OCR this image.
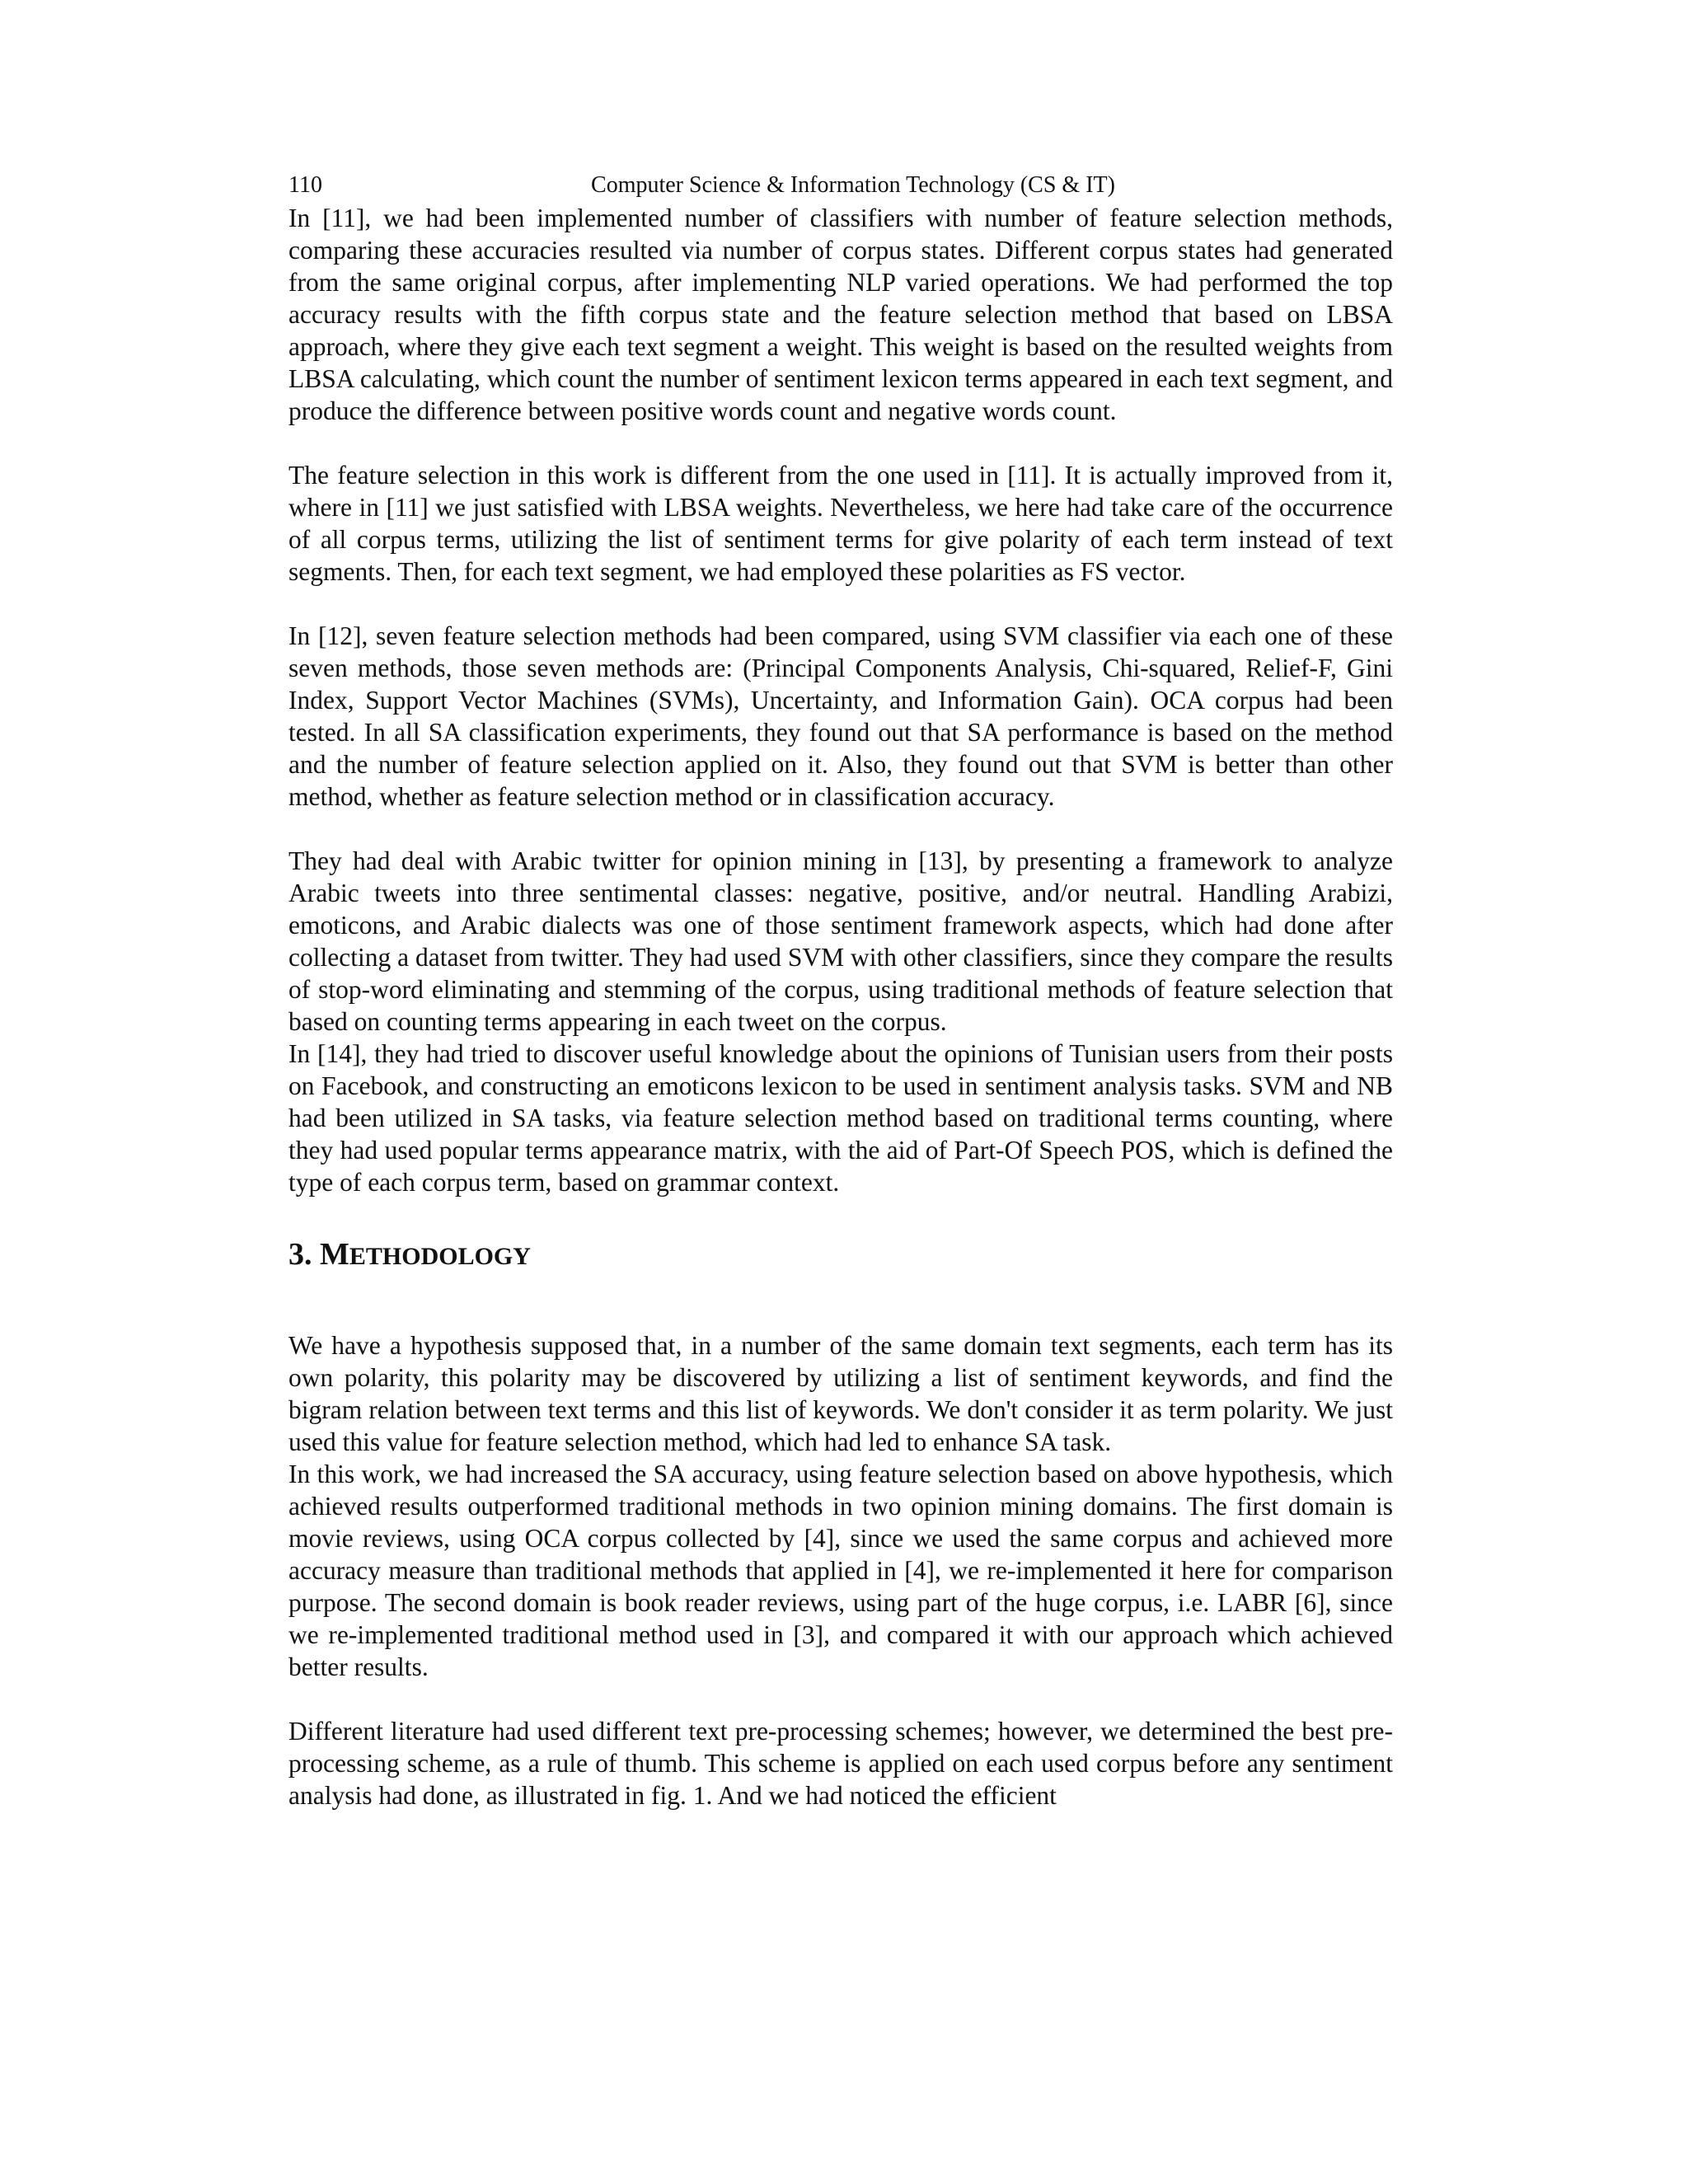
110	Computer Science & Information Technology (CS & IT)

In [11], we had been implemented number of classifiers with number of feature selection methods, comparing these accuracies resulted via number of corpus states. Different corpus states had generated from the same original corpus, after implementing NLP varied operations. We had performed the top accuracy results with the fifth corpus state and the feature selection method that based on LBSA approach, where they give each text segment a weight. This weight is based on the resulted weights from LBSA calculating, which count the number of sentiment lexicon terms appeared in each text segment, and produce the difference between positive words count and negative words count.

The feature selection in this work is different from the one used in [11]. It is actually improved from it, where in [11] we just satisfied with LBSA weights. Nevertheless, we here had take care of the occurrence of all corpus terms, utilizing the list of sentiment terms for give polarity of each term instead of text segments. Then, for each text segment, we had employed these polarities as FS vector.

In [12], seven feature selection methods had been compared, using SVM classifier via each one of these seven methods, those seven methods are: (Principal Components Analysis, Chi-squared, Relief-F, Gini Index, Support Vector Machines (SVMs), Uncertainty, and Information Gain). OCA corpus had been tested. In all SA classification experiments, they found out that SA performance is based on the method and the number of feature selection applied on it. Also, they found out that SVM is better than other method, whether as feature selection method or in classification accuracy.

They had deal with Arabic twitter for opinion mining in [13], by presenting a framework to analyze Arabic tweets into three sentimental classes: negative, positive, and/or neutral. Handling Arabizi, emoticons, and Arabic dialects was one of those sentiment framework aspects, which had done after collecting a dataset from twitter. They had used SVM with other classifiers, since they compare the results of stop-word eliminating and stemming of the corpus, using traditional methods of feature selection that based on counting terms appearing in each tweet on the corpus.

In [14], they had tried to discover useful knowledge about the opinions of Tunisian users from their posts on Facebook, and constructing an emoticons lexicon to be used in sentiment analysis tasks. SVM and NB had been utilized in SA tasks, via feature selection method based on traditional terms counting, where they had used popular terms appearance matrix, with the aid of Part-Of Speech POS, which is defined the type of each corpus term, based on grammar context.

3. METHODOLOGY

We have a hypothesis supposed that, in a number of the same domain text segments, each term has its own polarity, this polarity may be discovered by utilizing a list of sentiment keywords, and find the bigram relation between text terms and this list of keywords. We don't consider it as term polarity. We just used this value for feature selection method, which had led to enhance SA task.

In this work, we had increased the SA accuracy, using feature selection based on above hypothesis, which achieved results outperformed traditional methods in two opinion mining domains. The first domain is movie reviews, using OCA corpus collected by [4], since we used the same corpus and achieved more accuracy measure than traditional methods that applied in [4], we re-implemented it here for comparison purpose. The second domain is book reader reviews, using part of the huge corpus, i.e. LABR [6], since we re-implemented traditional method used in [3], and compared it with our approach which achieved better results.

Different literature had used different text pre-processing schemes; however, we determined the best pre-processing scheme, as a rule of thumb. This scheme is applied on each used corpus before any sentiment analysis had done, as illustrated in fig. 1. And we had noticed the efficient
